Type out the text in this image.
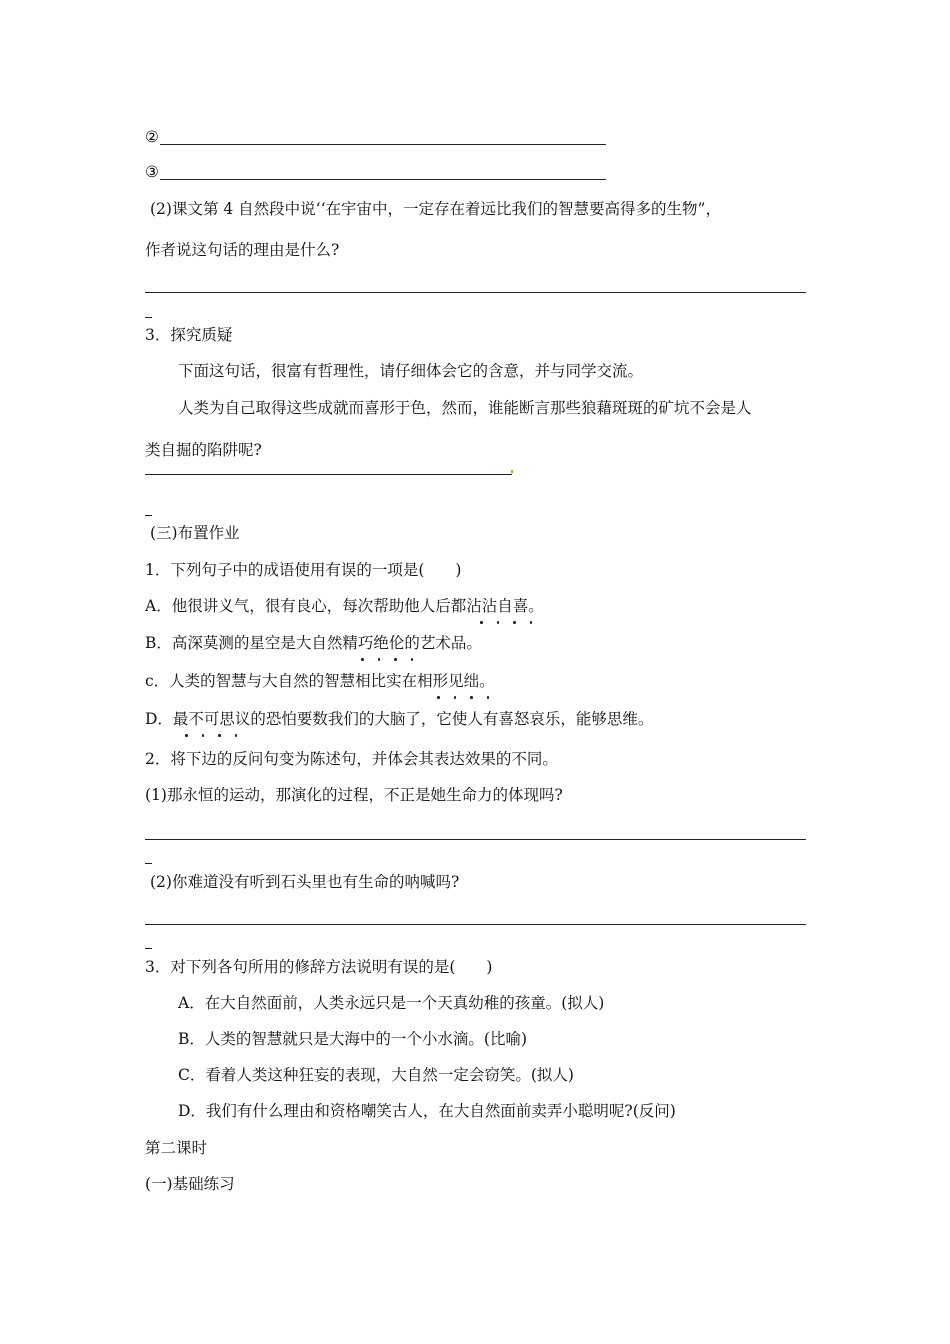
②
③
(2)课文第 4 自然段中说‘‘在宇宙中，一定存在着远比我们的智慧要高得多的生物”，
作者说这句话的理由是什么?
3．探究质疑
下面这句话，很富有哲理性，请仔细体会它的含意，并与同学交流。
人类为自己取得这些成就而喜形于色，然而，谁能断言那些狼藉斑斑的矿坑不会是人
类自掘的陷阱呢?
(三)布置作业
1．下列句子中的成语使用有误的一项是(　　)
A．他很讲义气，很有良心，每次帮助他人后都沾沾自喜。
B．高深莫测的星空是大自然精巧绝伦的艺术品。
c．人类的智慧与大自然的智慧相比实在相形见绌。
D．最不可思议的恐怕要数我们的大脑了，它使人有喜怒哀乐，能够思维。
2．将下边的反问句变为陈述句，并体会其表达效果的不同。
(1)那永恒的运动，那演化的过程，不正是她生命力的体现吗?
(2)你难道没有听到石头里也有生命的呐喊吗?
3．对下列各句所用的修辞方法说明有误的是(　　)
A．在大自然面前，人类永远只是一个天真幼稚的孩童。(拟人)
B．人类的智慧就只是大海中的一个小水滴。(比喻)
C．看着人类这种狂妄的表现，大自然一定会窃笑。(拟人)
D．我们有什么理由和资格嘲笑古人，在大自然面前卖弄小聪明呢?(反问)
第二课时
(一)基础练习
